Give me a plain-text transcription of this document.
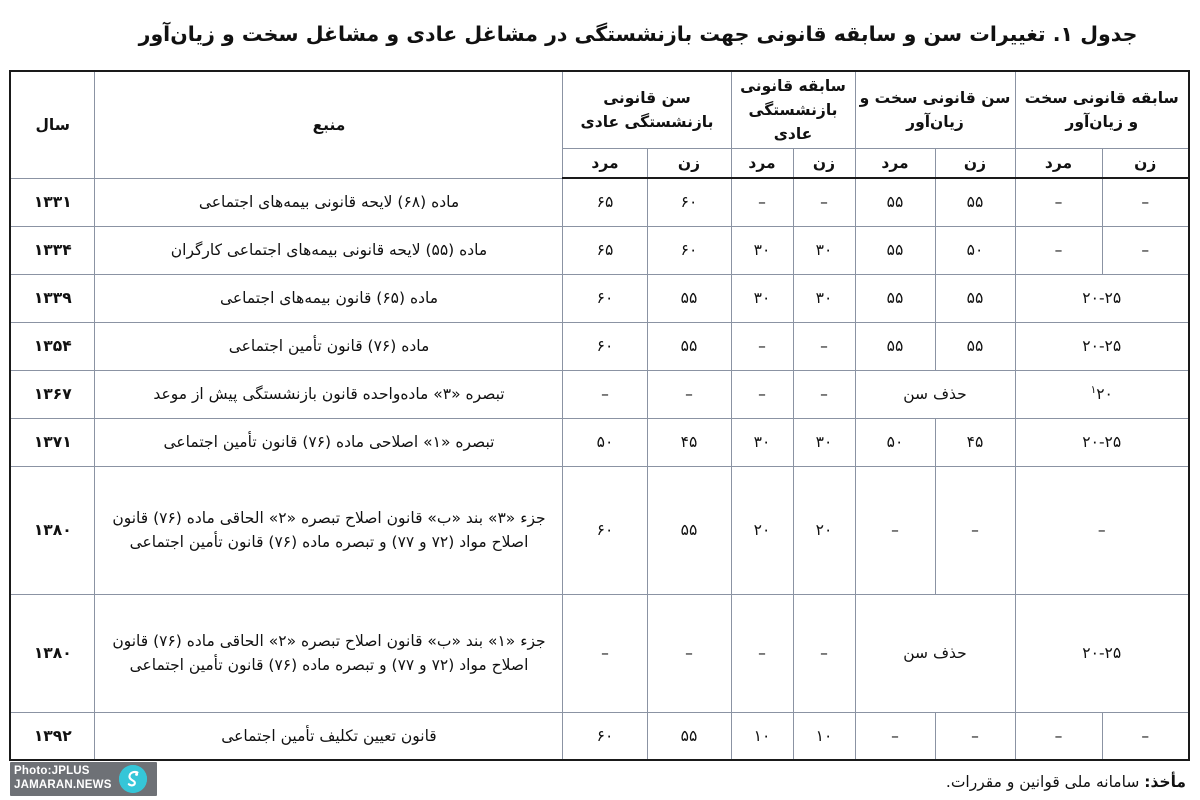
جدول ۱. تغییرات سن و سابقه قانونی جهت بازنشستگی در مشاغل عادی و مشاغل سخت و زیان‌آور
سابقه قانونی سخت و زیان‌آور		سن قانونی سخت و زیان‌آور		سابقه قانونی بازنشستگی عادی		سن قانونی بازنشستگی عادی		منبع	سال
زن	مرد	زن	مرد	زن	مرد	زن	مرد		
–	–	۵۵	۵۵	–	–	۶۰	۶۵	ماده (۶۸) لایحه قانونی بیمه‌های اجتماعی	۱۳۳۱
–	–	۵۰	۵۵	۳۰	۳۰	۶۰	۶۵	ماده (۵۵) لایحه قانونی بیمه‌های اجتماعی کارگران	۱۳۳۴
۲۰-۲۵		۵۵	۵۵	۳۰	۳۰	۵۵	۶۰	ماده (۶۵) قانون بیمه‌های اجتماعی	۱۳۳۹
۲۰-۲۵		۵۵	۵۵	–	–	۵۵	۶۰	ماده (۷۶) قانون تأمین اجتماعی	۱۳۵۴
$^۱$۲۰		حذف سن		–	–	–	–	تبصره «۳» ماده‌واحده قانون بازنشستگی پیش از موعد	۱۳۶۷
۲۰-۲۵		۴۵	۵۰	۳۰	۳۰	۴۵	۵۰	تبصره «۱» اصلاحی ماده (۷۶) قانون تأمین اجتماعی	۱۳۷۱
–		–	–	۲۰	۲۰	۵۵	۶۰	جزء «۳» بند «ب» قانون اصلاح تبصره «۲» الحاقی ماده (۷۶) قانون اصلاح مواد (۷۲ و ۷۷) و تبصره ماده (۷۶) قانون تأمین اجتماعی	۱۳۸۰
۲۰-۲۵		حذف سن		–	–	–	–	جزء «۱» بند «ب» قانون اصلاح تبصره «۲» الحاقی ماده (۷۶) قانون اصلاح مواد (۷۲ و ۷۷) و تبصره ماده (۷۶) قانون تأمین اجتماعی	۱۳۸۰
–	–	–	–	۱۰	۱۰	۵۵	۶۰	قانون تعیین تکلیف تأمین اجتماعی	۱۳۹۲
مأخذ: سامانه ملی قوانین و مقررات.
Photo:JPLUS
JAMARAN.NEWS
